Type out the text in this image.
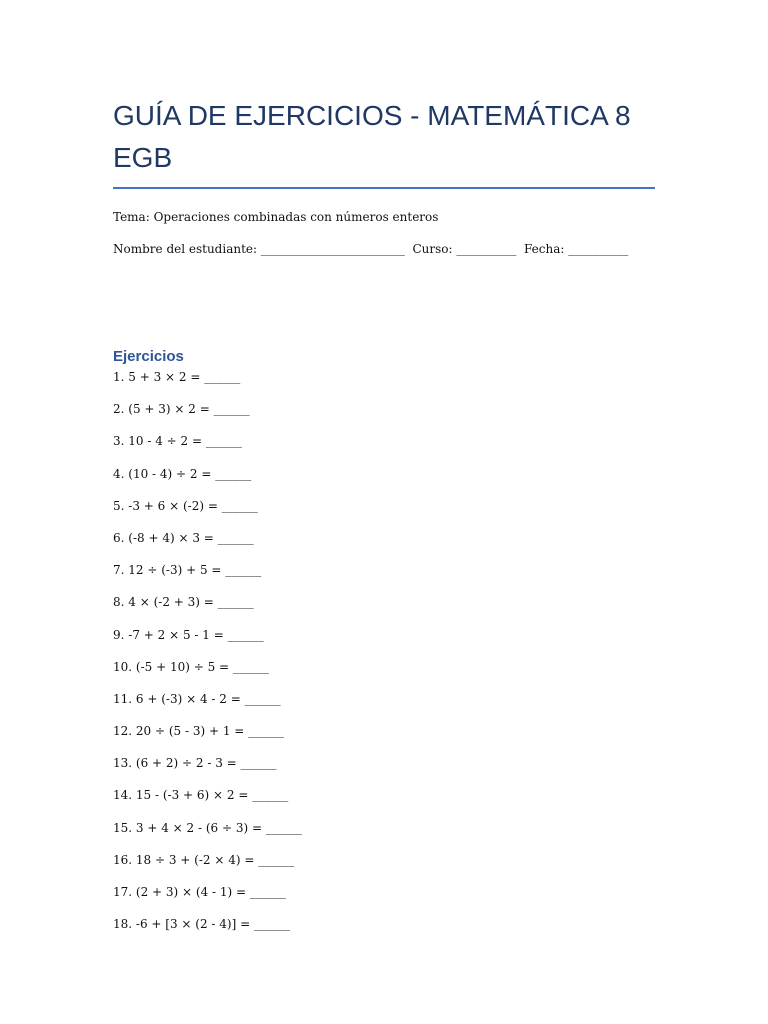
GUÍA DE EJERCICIOS - MATEMÁTICA 8 EGB

Tema: Operaciones combinadas con números enteros

Nombre del estudiante: ________________________  Curso: __________  Fecha: __________

Ejercicios
1. 5 + 3 × 2 = ______
2. (5 + 3) × 2 = ______
3. 10 - 4 ÷ 2 = ______
4. (10 - 4) ÷ 2 = ______
5. -3 + 6 × (-2) = ______
6. (-8 + 4) × 3 = ______
7. 12 ÷ (-3) + 5 = ______
8. 4 × (-2 + 3) = ______
9. -7 + 2 × 5 - 1 = ______
10. (-5 + 10) ÷ 5 = ______
11. 6 + (-3) × 4 - 2 = ______
12. 20 ÷ (5 - 3) + 1 = ______
13. (6 + 2) ÷ 2 - 3 = ______
14. 15 - (-3 + 6) × 2 = ______
15. 3 + 4 × 2 - (6 ÷ 3) = ______
16. 18 ÷ 3 + (-2 × 4) = ______
17. (2 + 3) × (4 - 1) = ______
18. -6 + [3 × (2 - 4)] = ______
